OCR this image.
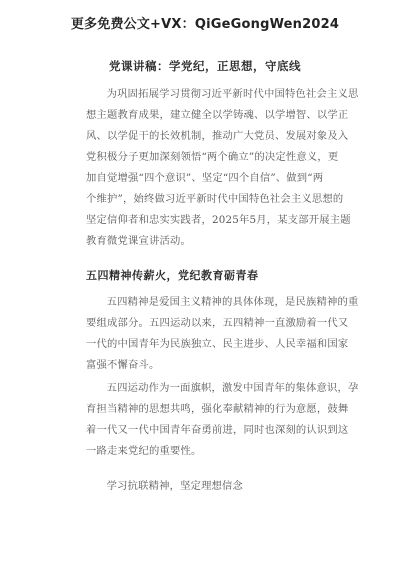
更多免费公文+VX：QiGeGongWen2024
党课讲稿：学党纪，正思想，守底线
为巩固拓展学习贯彻习近平新时代中国特色社会主义思
想主题教育成果，建立健全以学铸魂、以学增智、以学正
风、以学促干的长效机制，推动广大党员、发展对象及入
党积极分子更加深刻领悟“两个确立”的决定性意义，更
加自觉增强“四个意识”、坚定“四个自信”、做到“两
个维护”，始终做习近平新时代中国特色社会主义思想的
坚定信仰者和忠实实践者，2025年5月，某支部开展主题
教育微党课宣讲活动。
五四精神传薪火，党纪教育砺青春
五四精神是爱国主义精神的具体体现，是民族精神的重
要组成部分。五四运动以来，五四精神一直激励着一代又
一代的中国青年为民族独立、民主进步、人民幸福和国家
富强不懈奋斗。
五四运动作为一面旗帜，激发中国青年的集体意识，孕
育担当精神的思想共鸣，强化奉献精神的行为意愿，鼓舞
着一代又一代中国青年奋勇前进，同时也深刻的认识到这
一路走来党纪的重要性。
学习抗联精神，坚定理想信念
